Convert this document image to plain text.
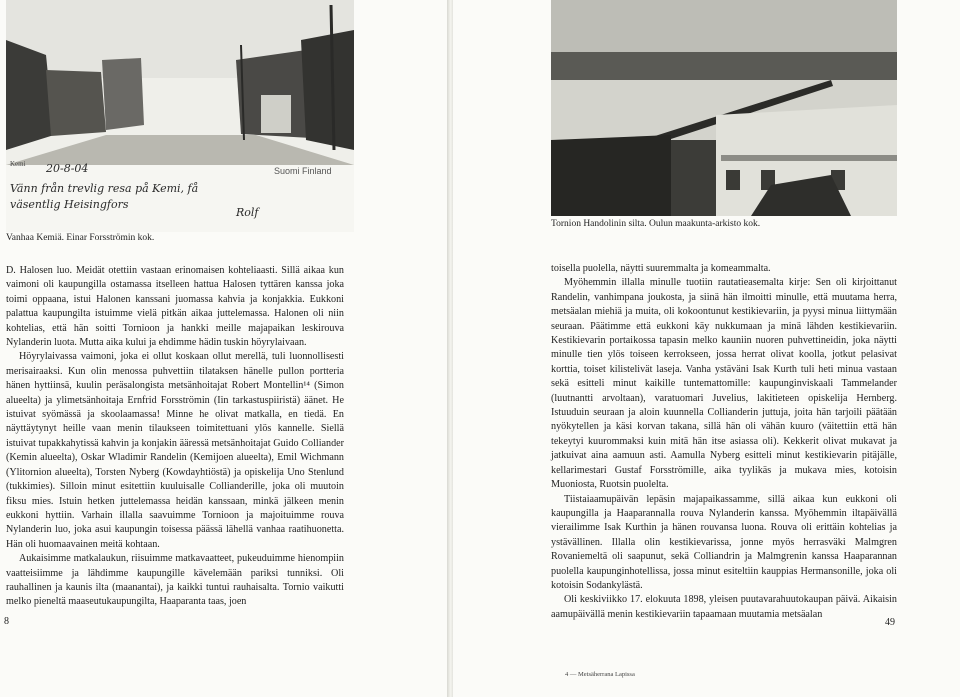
Kemi 20-8-04	Suomi Finland
Vänn från trevlig resa på Kemi, få
väsentlig Heisingfors
Rolf
Vanhaa Kemiä. Einar Forsströmin kok.

D. Halosen luo. Meidät otettiin vastaan erinomaisen kohteliaasti. Sillä aikaa kun vaimoni oli kaupungilla ostamassa itselleen hattua Halosen tyttären kanssa joka toimi oppaana, istui Halonen kanssani juomassa kahvia ja konjakkia. Eukkoni palattua kaupungilta istuimme vielä pitkän aikaa juttelemassa. Halonen oli niin kohtelias, että hän soitti Tornioon ja hankki meille majapaikan leskirouva Nylanderin luota. Mutta aika kului ja ehdimme hädin tuskin höyrylaivaan.

Höyrylaivassa vaimoni, joka ei ollut koskaan ollut merellä, tuli luonnollisesti merisairaaksi. Kun olin menossa puhvettiin tilataksen hänelle pullon portteria hänen hyttiinsä, kuulin peräsalongista metsänhoitajat Robert Montellin¹⁴ (Simon alueelta) ja ylimetsänhoitaja Ernfrid Forsströmin (Iin tarkastuspiiristä) äänet. He istuivat syömässä ja skoolaamassa! Minne he olivat matkalla, en tiedä. En näyttäytynyt heille vaan menin tilaukseen toimitettuani ylös kannelle. Siellä istuivat tupakkahytissä kahvin ja konjakin ääressä metsänhoitajat Guido Colliander (Kemin alueelta), Oskar Wladimir Randelin (Kemijoen alueelta), Emil Wichmann (Ylitornion alueelta), Torsten Nyberg (Kowdayhtiöstä) ja opiskelija Uno Stenlund (tukkimies). Silloin minut esitettiin kuuluisalle Collianderille, joka oli muutoin fiksu mies. Istuin hetken juttelemassa heidän kanssaan, minkä jälkeen menin eukkoni hyttiin. Varhain illalla saavuimme Tornioon ja majoituimme rouva Nylanderin luo, joka asui kaupungin toisessa päässä lähellä vanhaa raatihuonetta. Hän oli huomaavainen meitä kohtaan.

Aukaisimme matkalaukun, riisuimme matkavaatteet, pukeuduimme hienompiin vaatteisiimme ja lähdimme kaupungille kävelemään pariksi tunniksi. Oli rauhallinen ja kaunis ilta (maanantai), ja kaikki tuntui rauhaisalta. Tornio vaikutti melko pieneltä maaseutukaupungilta, Haaparanta taas, joen

8
Tornion Handolinin silta. Oulun maakunta-arkisto kok.

toisella puolella, näytti suuremmalta ja komeammalta.

Myöhemmin illalla minulle tuotiin rautatieasemalta kirje: Sen oli kirjoittanut Randelin, vanhimpana joukosta, ja siinä hän ilmoitti minulle, että muutama herra, metsäalan miehiä ja muita, oli kokoontunut kestikievariin, ja pyysi minua liittymään seuraan. Päätimme että eukkoni käy nukkumaan ja minä lähden kestikievariin. Kestikievarin portaikossa tapasin melko kauniin nuoren puhvettineidin, joka näytti minulle tien ylös toiseen kerrokseen, jossa herrat olivat koolla, jotkut pelasivat korttia, toiset kilistelivät laseja. Vanha ystäväni Isak Kurth tuli heti minua vastaan sekä esitteli minut kaikille tuntemattomille: kaupunginviskaali Tammelander (luutnantti arvoltaan), varatuomari Juvelius, lakitieteen opiskelija Hernberg. Istuuduin seuraan ja aloin kuunnella Collianderin juttuja, joita hän tarjoili päätään nyökytellen ja käsi korvan takana, sillä hän oli vähän kuuro (väitettiin että hän tekeytyi kuurommaksi kuin mitä hän itse asiassa oli). Kekkerit olivat mukavat ja jatkuivat aina aamuun asti. Aamulla Nyberg esitteli minut kestikievarin pitäjälle, kellarimestari Gustaf Forsströmille, aika tyylikäs ja mukava mies, kotoisin Muoniosta, Ruotsin puolelta.

Tiistaiaamupäivän lepäsin majapaikassamme, sillä aikaa kun eukkoni oli kaupungilla ja Haaparannalla rouva Nylanderin kanssa. Myöhemmin iltapäivällä vierailimme Isak Kurthin ja hänen rouvansa luona. Rouva oli erittäin kohtelias ja ystävällinen. Illalla olin kestikievarissa, jonne myös herrasväki Malmgren Rovaniemeltä oli saapunut, sekä Colliandrin ja Malmgrenin kanssa Haaparannan puolella kaupunginhotellissa, jossa minut esiteltiin kauppias Hermansonille, joka oli kotoisin Sodankylästä.

Oli keskiviikko 17. elokuuta 1898, yleisen puutavarahuutokaupan päivä. Aikaisin aamupäivällä menin kestikievariin tapaamaan muutamia metsäalan

49
4 — Metsäherrana Lapissa
